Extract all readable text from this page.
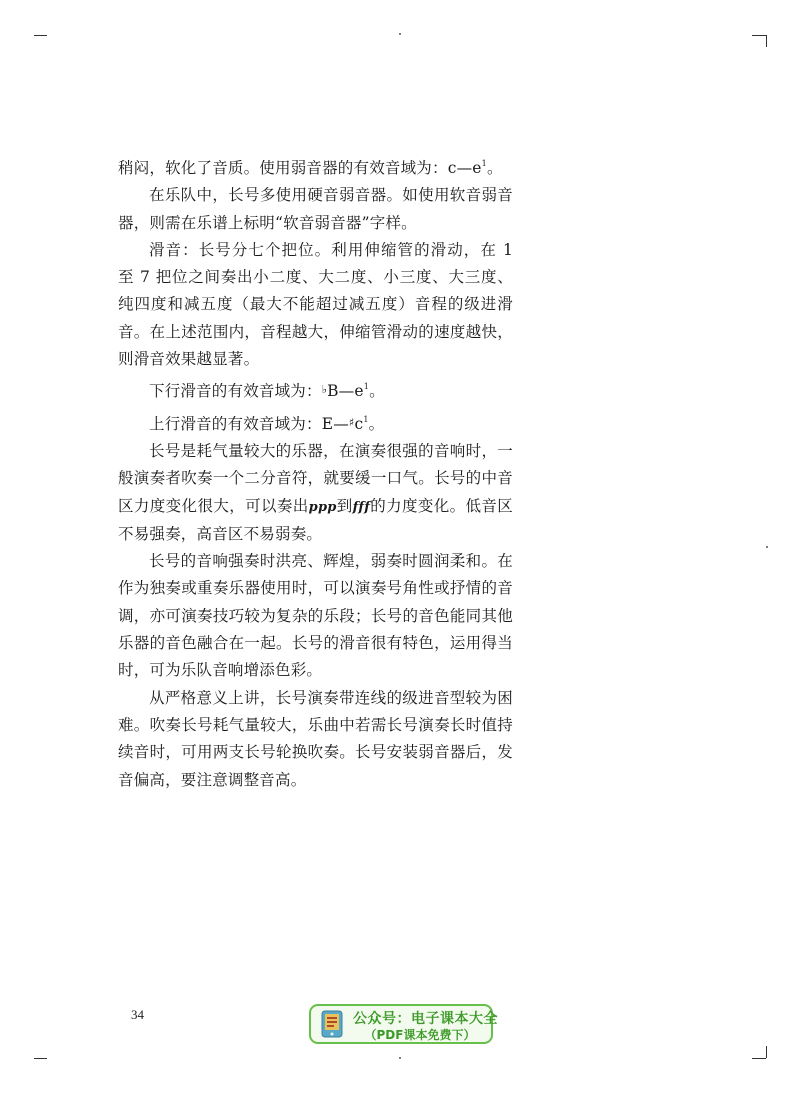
稍闷，软化了音质。使用弱音器的有效音域为：$c—e^1$。

在乐队中，长号多使用硬音弱音器。如使用软音弱音器，则需在乐谱上标明“软音弱音器”字样。

滑音：长号分七个把位。利用伸缩管的滑动，在 1 至 7 把位之间奏出小二度、大二度、小三度、大三度、纯四度和减五度（最大不能超过减五度）音程的级进滑音。在上述范围内，音程越大，伸缩管滑动的速度越快，则滑音效果越显著。

下行滑音的有效音域为：$♭B—e^1$。

上行滑音的有效音域为：$E—♯c^1$。

长号是耗气量较大的乐器，在演奏很强的音响时，一般演奏者吹奏一个二分音符，就要缓一口气。长号的中音区力度变化很大，可以奏出ppp到fff的力度变化。低音区不易强奏，高音区不易弱奏。

长号的音响强奏时洪亮、辉煌，弱奏时圆润柔和。在作为独奏或重奏乐器使用时，可以演奏号角性或抒情的音调，亦可演奏技巧较为复杂的乐段；长号的音色能同其他乐器的音色融合在一起。长号的滑音很有特色，运用得当时，可为乐队音响增添色彩。

从严格意义上讲，长号演奏带连线的级进音型较为困难。吹奏长号耗气量较大，乐曲中若需长号演奏长时值持续音时，可用两支长号轮换吹奏。长号安装弱音器后，发音偏高，要注意调整音高。

34	公众号：电子课本大全
（PDF课本免费下）
